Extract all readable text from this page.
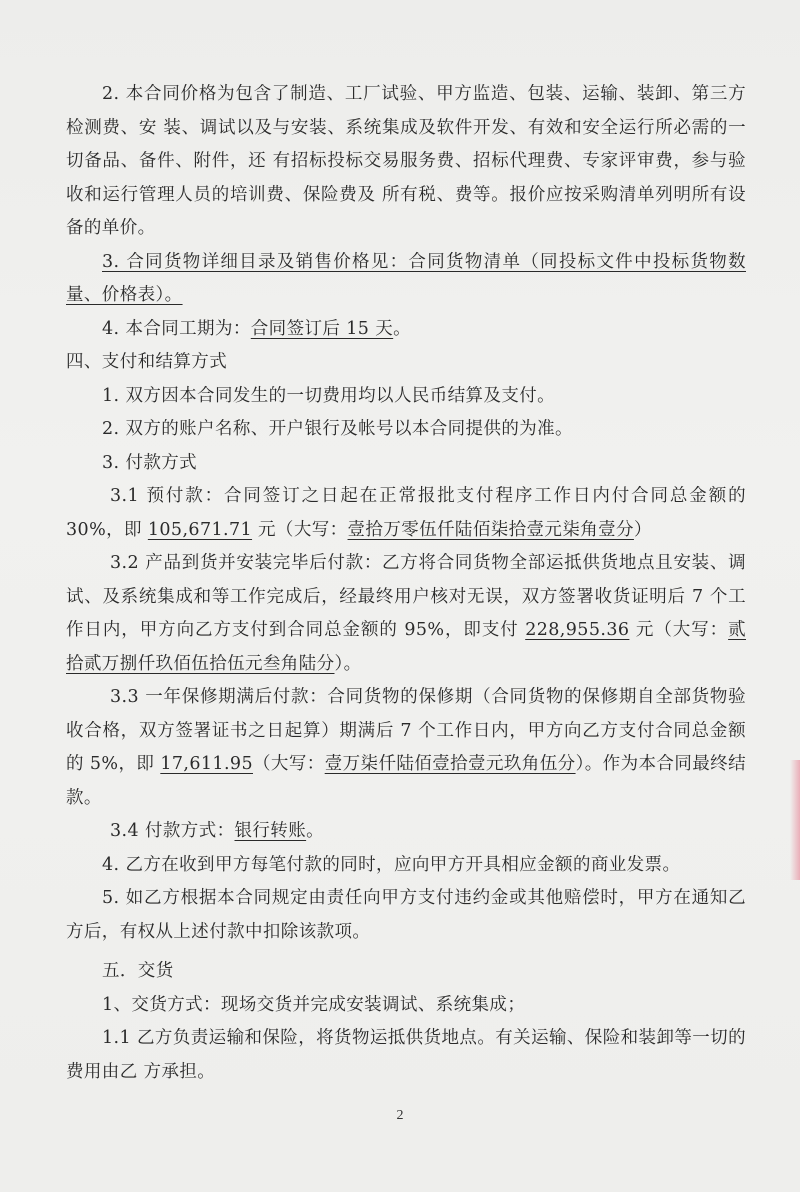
2. 本合同价格为包含了制造、工厂试验、甲方监造、包装、运输、装卸、第三方检测费、安 装、调试以及与安装、系统集成及软件开发、有效和安全运行所必需的一切备品、备件、附件，还 有招标投标交易服务费、招标代理费、专家评审费，参与验收和运行管理人员的培训费、保险费及 所有税、费等。报价应按采购清单列明所有设备的单价。

3. 合同货物详细目录及销售价格见：合同货物清单（同投标文件中投标货物数量、价格表）。

4. 本合同工期为：合同签订后 15 天。

四、支付和结算方式

1. 双方因本合同发生的一切费用均以人民币结算及支付。

2. 双方的账户名称、开户银行及帐号以本合同提供的为准。

3. 付款方式

3.1 预付款：合同签订之日起在正常报批支付程序工作日内付合同总金额的 30%，即 105,671.71 元（大写：壹拾万零伍仟陆佰柒拾壹元柒角壹分）

3.2 产品到货并安装完毕后付款：乙方将合同货物全部运抵供货地点且安装、调试、及系统集成和等工作完成后，经最终用户核对无误，双方签署收货证明后 7 个工作日内，甲方向乙方支付到合同总金额的 95%，即支付 228,955.36 元（大写：贰拾贰万捌仟玖佰伍拾伍元叁角陆分）。

3.3 一年保修期满后付款：合同货物的保修期（合同货物的保修期自全部货物验收合格，双方签署证书之日起算）期满后 7 个工作日内，甲方向乙方支付合同总金额的 5%，即 17,611.95（大写：壹万柒仟陆佰壹拾壹元玖角伍分）。作为本合同最终结款。

3.4 付款方式：银行转账。

4. 乙方在收到甲方每笔付款的同时，应向甲方开具相应金额的商业发票。

5. 如乙方根据本合同规定由责任向甲方支付违约金或其他赔偿时，甲方在通知乙方后，有权从上述付款中扣除该款项。

五．交货

1、交货方式：现场交货并完成安装调试、系统集成；

1.1 乙方负责运输和保险，将货物运抵供货地点。有关运输、保险和装卸等一切的费用由乙 方承担。

2
